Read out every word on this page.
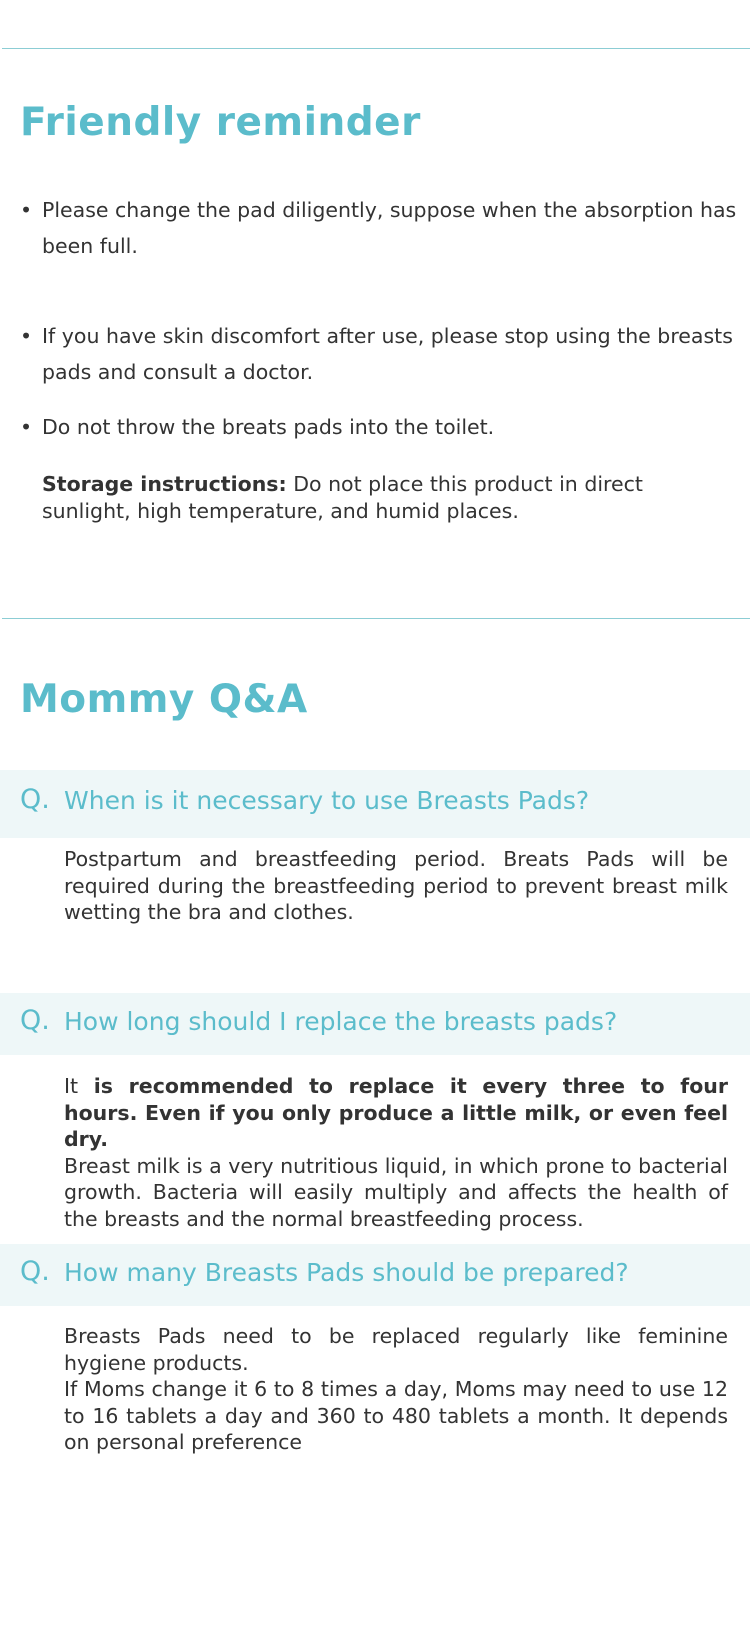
Friendly reminder
• Please change the pad diligently, suppose when the absorption has been full.
• If you have skin discomfort after use, please stop using the breasts pads and consult a doctor.
• Do not throw the breats pads into the toilet.
Storage instructions: Do not place this product in direct sunlight, high temperature, and humid places.
Mommy Q&A
Q. When is it necessary to use Breasts Pads?

Postpartum and breastfeeding period. Breats Pads will be required during the breastfeeding period to prevent breast milk wetting the bra and clothes.

Q. How long should I replace the breasts pads?

It is recommended to replace it every three to four hours. Even if you only produce a little milk, or even feel dry.

Breast milk is a very nutritious liquid, in which prone to bacterial growth. Bacteria will easily multiply and affects the health of the breasts and the normal breastfeeding process.

Q. How many Breasts Pads should be prepared?

Breasts Pads need to be replaced regularly like feminine hygiene products.

If Moms change it 6 to 8 times a day, Moms may need to use 12 to 16 tablets a day and 360 to 480 tablets a month. It depends on personal preference
